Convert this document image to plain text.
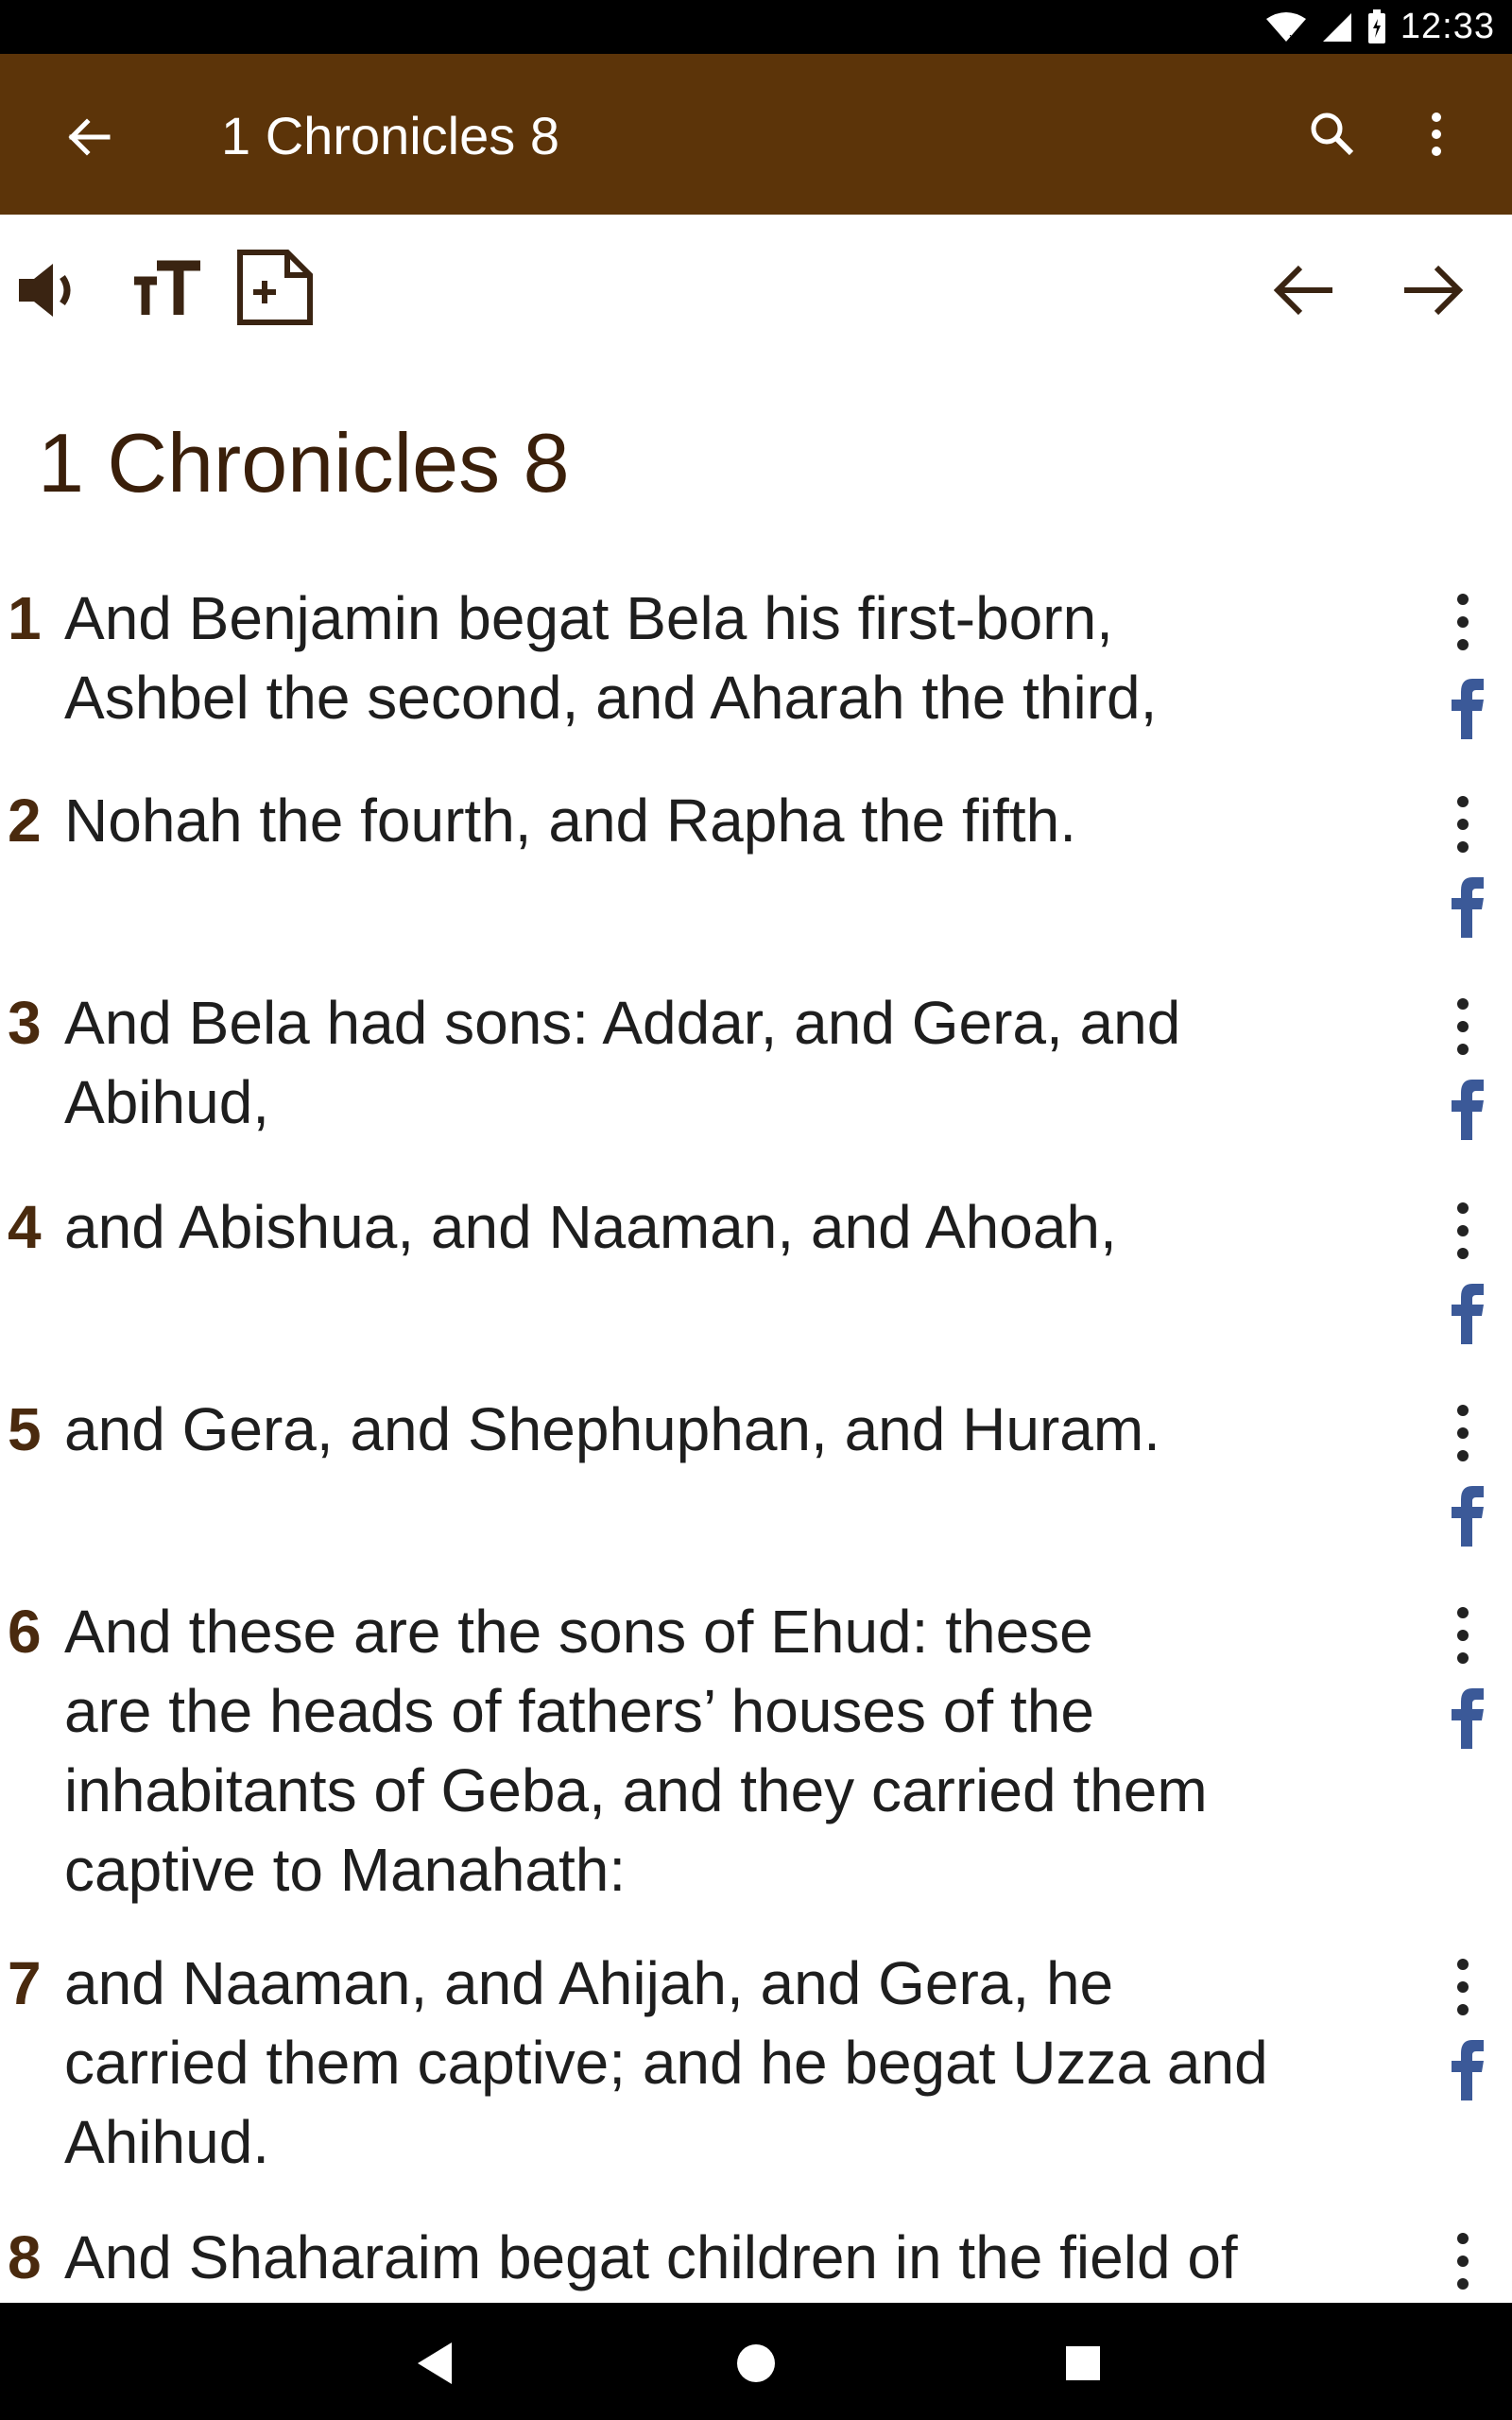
x	12:33
1 Chronicles 8
1 Chronicles 8
1 And Benjamin begat Bela his first-born,
Ashbel the second, and Aharah the third,
2 Nohah the fourth, and Rapha the fifth.
3 And Bela had sons: Addar, and Gera, and
Abihud,
4 and Abishua, and Naaman, and Ahoah,
5 and Gera, and Shephuphan, and Huram.
6 And these are the sons of Ehud: these
are the heads of fathers’ houses of the
inhabitants of Geba, and they carried them
captive to Manahath:
7 and Naaman, and Ahijah, and Gera, he
carried them captive; and he begat Uzza and
Ahihud.
8 And Shaharaim begat children in the field of
